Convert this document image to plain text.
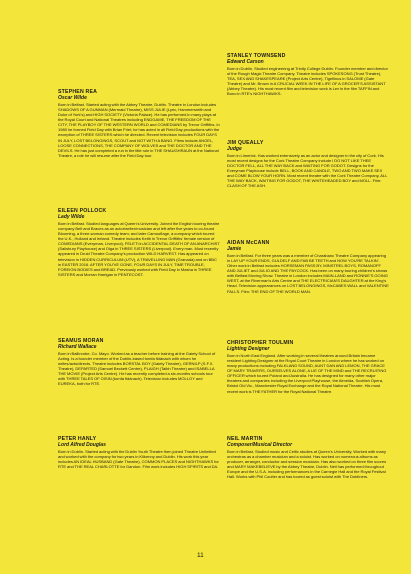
STEPHEN REA

Oscar Wilde

Born in Belfast. Started acting with the Abbey Theatre, Dublin. Theatre in London includes SHADOWS OF A GUNMAN (Mermaid Theatre), MISS JULIE (Lyric, Hammersmith and Duke of York's) and HIGH SOCIETY (Victoria Palace). He has performed in many plays at the Royal Court and National Theatres including ENDGAME, THE FREEDOM OF THE CITY, THE PLAYBOY OF THE WESTERN WORLD and COMEDIANS by Trevor Griffiths. In 1980 he formed Field Day with Brian Friel; he has acted in all Field Day productions with the exception of THREE SISTERS which he directed. Recent television includes FOUR DAYS IN JULY, LOST BELONGINGS, SCOUT and NOT WITH A BANG. Films include ANGEL, LOOSE CONNECTIONS, THE COMPANY OF WOLVES and THE DOCTOR AND THE DEVILS. He has just completed a run in the title role in THE SHAUGHRAUN at the National Theatre, a role he will resume after the Field Day tour.

EILEEN POLLOCK

Lady Wilde

Born in Belfast. Studied languages at Queen's University. Joined the English touring theatre company Belt and Braces as an actor/writer/musician and left after five years to co-found Blooming, a three-woman comedy team; and later Camouflage, a company which toured the U.K., Holland and Ireland. Theatre includes Keith in Trevor Griffiths' female version of COMEDIANS (Everyman, Liverpool), FELETI in ACCIDENTAL DEATH OF AN ANARCHIST (Salisbury Playhouse) and Olga in THREE SISTERS (Liverpool). Every man. Most recently appeared in Druid Theatre Company's production WILD HARVEST. Has appeared on television in HIDDEN CURRICULUM (UTV), A TRAVELLING MAN (Granada) and on BBC in EASTER 2016. AFTER YOU'VE GONE, FOUR DAYS IN JULY, TIME TROUBLE, FOREIGN BODIES and BREAD. Previously worked with Field Day in Masha in THREE SISTERS and Morran Harrigan in PENTECOST.

SEAMUS MORAN

Richard Wallace

Born in Ballinrobe, Co. Mayo. Worked as a teacher before training at the Gaiety School of Acting. Is a founder member of the Dublin-based tomfa fidánach with whom he writes/acts/directs. Theatre includes BORSTAL BOY (Gaiety Theatre), GERNILP (S.F.X. Theatre), DEPARTED (Samuel Beckett Centre), PLAIGH (Taibh Theatre) and ISABELLA THE MOVIE (Project Arts Centre). He has recently completed a six-months schools tour with THREE TALES OF OISIN (tomfa fidánach). Television includes MOLLOY and EUREKA, both for RTE.

PETER HANLY

Lord Alfred Douglas

Born in Dublin. Started acting with the Dublin Youth Theatre then joined Theatre Unlimited and worked with the company for two years in Kilkenny and Dublin. His work this year includes AN IDEAL HUSBAND (Gate Theatre), COMMON PLACES and NIGHTHAWKS for RTE and THE REAL CHARLOTTE for Gandon. Film work includes HIGH SPIRITS and DA.

STANLEY TOWNSEND

Edward Carson

Born in Dublin. Studied engineering at Trinity College Dublin. Founder member and director of the Rough Magic Theatre Company. Theatre includes SPOKESONG (Trust Theatre), TEA, SEX AND SHAKESPEARE (Project Arts Centre), Tigellinus in SALOME (Gate Theatre) and Mr. Brown in A CRUCIAL WEEK IN THE LIFE OF A GROCER'S ASSISTANT (Abbey Theatre). His most recent film and television work is Lex in the film TAFFIN and Bono in RTE's NIGHTHAWKS.

JIM QUEALLY

Judge

Born in Limerick. Has worked extensively as an actor and designer in the city of Cork. His most recent designs for the Cork Theatre Company include I DO NOT LIKE THEE DOCTOR FELL, ALL THE WAY BACK and WAITING FOR GODOT. Designs for the Everyman Playhouse include BELL, BOOK AND CANDLE, TWO AND TWO MAKE SEX and COME BLOW YOUR HORN. Most recent theatre with the Cork Theatre Company, ALL THE WAY BACK, WAITING FOR GODOT, THE WHITEHEADED BOY and MOLL. Film: CLASH OF THE ASH.

AIDAN McCANN

Jamie

Born in Belfast. For three years was a member of Charabanc Theatre Company appearing in LAY UP YOUR ENDS, GULDELF AND FAB BE TEETH and NOW YOU'RE TALKIN'. Other work in Belfast includes HORSEMAN PASS BY, MINSTREL BOYS, ROMANOFF AND JULIET and JULIO AND THE PAYCOCK. Has been on many touring children's shows with Belfast Moving Show. Theatre in London includes MAIN-LAND and RONNIE'S GOING WEST, at the Riverman's Arts Centre and THE ELECTRICIAN'S DAUGHTER at the King's Head. Television appearances on LOST BELONGINGS, McCABES WALL and VALENTINE FALLS. Film: THE END OF THE WORLD MAN.

CHRISTOPHER TOULMIN

Lighting Designer

Born in North East England. After working in several theatres around Britain became resident Lighting Designer at the Royal Court Theatre in London where he has worked on many productions including FALKLAND SOUND, AUNT DAN AND LEMON, THE GRACE OF MARY TRAVERS, OURSELVES ALONE, A LIE OF THE MIND and THE RECRUITING OFFICER which toured Poland and Australia. He has designed for many other major theatres and companies including the Liverpool Playhouse, the Almeida, Scottish Opera, Bristol Old Vic., Manchester Royal Exchange and the Royal National Theatre. His most recent work is THE FATHER for the Royal National Theatre.

NEIL MARTIN

Composer/Musical Director

Born in Belfast. Studied music and Celtic studies at Queen's University. Worked with many orchestras as a chamber musician and a soloist. Has worked on numerous albums as producer, arranger, conductor and session musician. Has also worked on three film scores and MARY MAKEBELIEVE by the Abbey Theatre, Dublin. Neil has performed throughout Europe and the U.S.A. including performances in the Carnegie Hall and the Royal Festival Hall. Works with Phil Coulter and has toured as guest soloist with The Dubliners.

11
